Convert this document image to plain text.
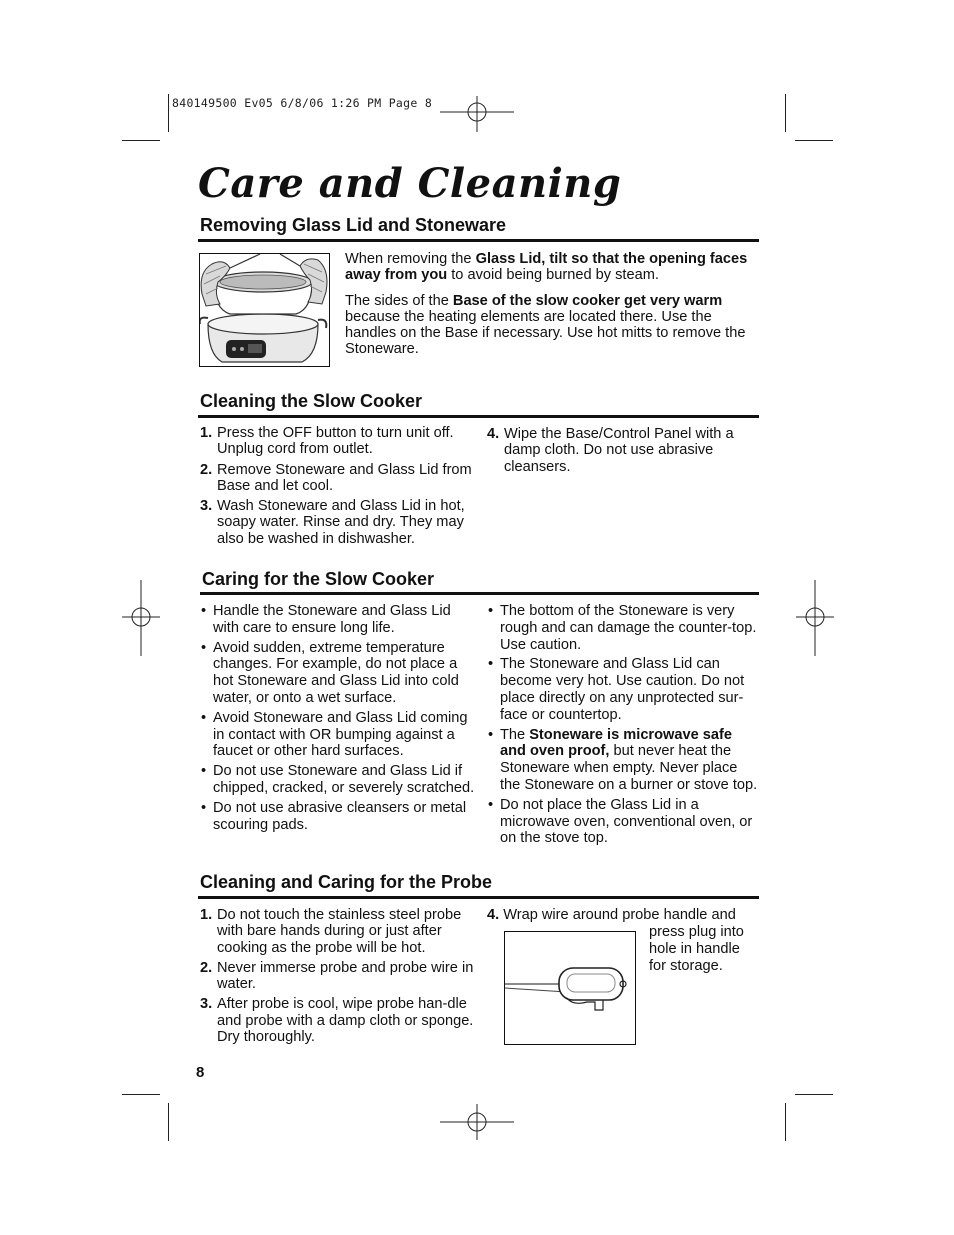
840149500 Ev05 6/8/06 1:26 PM Page 8
Care and Cleaning
Removing Glass Lid and Stoneware

When removing the Glass Lid, tilt so that the opening faces away from you to avoid being burned by steam.

The sides of the Base of the slow cooker get very warm because the heating elements are located there. Use the handles on the Base if necessary. Use hot mitts to remove the Stoneware.

Cleaning the Slow Cooker
1. Press the OFF button to turn unit off. Unplug cord from outlet.
2. Remove Stoneware and Glass Lid from Base and let cool.
3. Wash Stoneware and Glass Lid in hot, soapy water. Rinse and dry. They may also be washed in dishwasher.
4. Wipe the Base/Control Panel with a damp cloth. Do not use abrasive cleansers.
Caring for the Slow Cooker
• Handle the Stoneware and Glass Lid with care to ensure long life.
• Avoid sudden, extreme temperature changes. For example, do not place a hot Stoneware and Glass Lid into cold water, or onto a wet surface.
• Avoid Stoneware and Glass Lid coming in contact with OR bumping against a faucet or other hard surfaces.
• Do not use Stoneware and Glass Lid if chipped, cracked, or severely scratched.
• Do not use abrasive cleansers or metal scouring pads.
• The bottom of the Stoneware is very rough and can damage the counter-top. Use caution.
• The Stoneware and Glass Lid can become very hot. Use caution. Do not place directly on any unprotected sur-face or countertop.
• The Stoneware is microwave safe and oven proof, but never heat the Stoneware when empty. Never place the Stoneware on a burner or stove top.
• Do not place the Glass Lid in a microwave oven, conventional oven, or on the stove top.
Cleaning and Caring for the Probe
1. Do not touch the stainless steel probe with bare hands during or just after cooking as the probe will be hot.
2. Never immerse probe and probe wire in water.
3. After probe is cool, wipe probe han-dle and probe with a damp cloth or sponge. Dry thoroughly.
4. Wrap wire around probe handle and
press plug into hole in handle for storage.
8
